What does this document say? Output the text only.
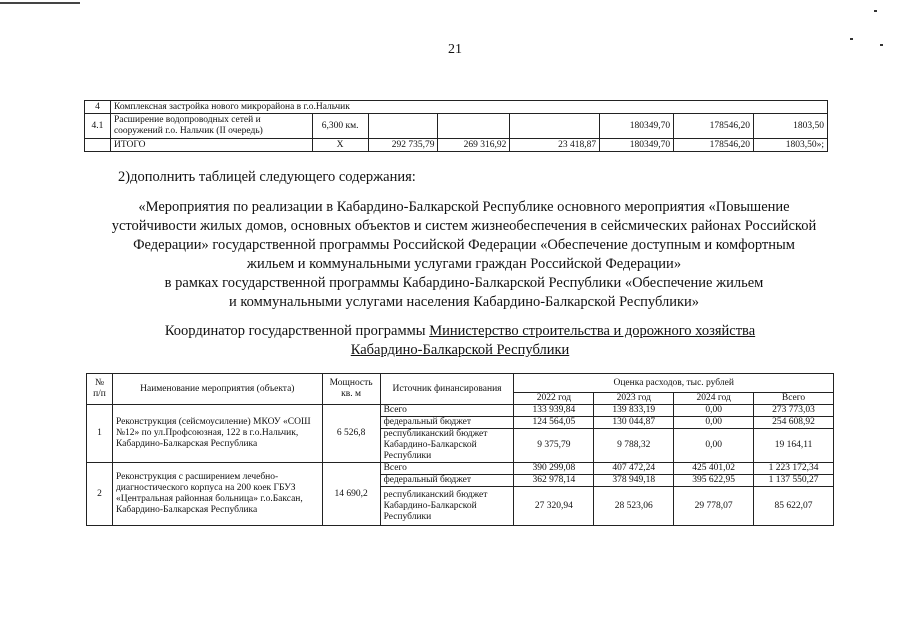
21
4	Комплексная застройка нового микрорайона в г.о.Нальчик							
4.1	Расширение водопроводных сетей и сооружений г.о. Нальчик (II очередь)	6,300 км.				180349,70	178546,20	1803,50
	ИТОГО	Х	292 735,79	269 316,92	23 418,87	180349,70	178546,20	1803,50»;
2)дополнить таблицей следующего содержания:
«Мероприятия по реализации в Кабардино-Балкарской Республике основного мероприятия «Повышение
устойчивости жилых домов, основных объектов и систем жизнеобеспечения в сейсмических районах Российской
Федерации» государственной программы Российской Федерации «Обеспечение доступным и комфортным
жильем и коммунальными услугами граждан Российской Федерации»
в рамках государственной программы Кабардино-Балкарской Республики «Обеспечение жильем
и коммунальными услугами населения Кабардино-Балкарской Республики»
Координатор государственной программы Министерство строительства и дорожного хозяйства
Кабардино-Балкарской Республики
№ п/п	Наименование мероприятия (объекта)	Мощность кв. м	Источник финансирования	Оценка расходов, тыс. рублей			
				2022 год	2023 год	2024 год	Всего
1	Реконструкция (сейсмоусиление) МКОУ «СОШ №12» по ул.Профсоюзная, 122 в г.о.Нальчик, Кабардино-Балкарская Республика	6 526,8	Всего	133 939,84	139 833,19	0,00	273 773,03
			федеральный бюджет	124 564,05	130 044,87	0,00	254 608,92
			республиканский бюджет Кабардино-Балкарской Республики	9 375,79	9 788,32	0,00	19 164,11
2	Реконструкция с расширением лечебно-диагностического корпуса на 200 коек ГБУЗ «Центральная районная больница» г.о.Баксан, Кабардино-Балкарская Республика	14 690,2	Всего	390 299,08	407 472,24	425 401,02	1 223 172,34
			федеральный бюджет	362 978,14	378 949,18	395 622,95	1 137 550,27
			республиканский бюджет Кабардино-Балкарской Республики	27 320,94	28 523,06	29 778,07	85 622,07
